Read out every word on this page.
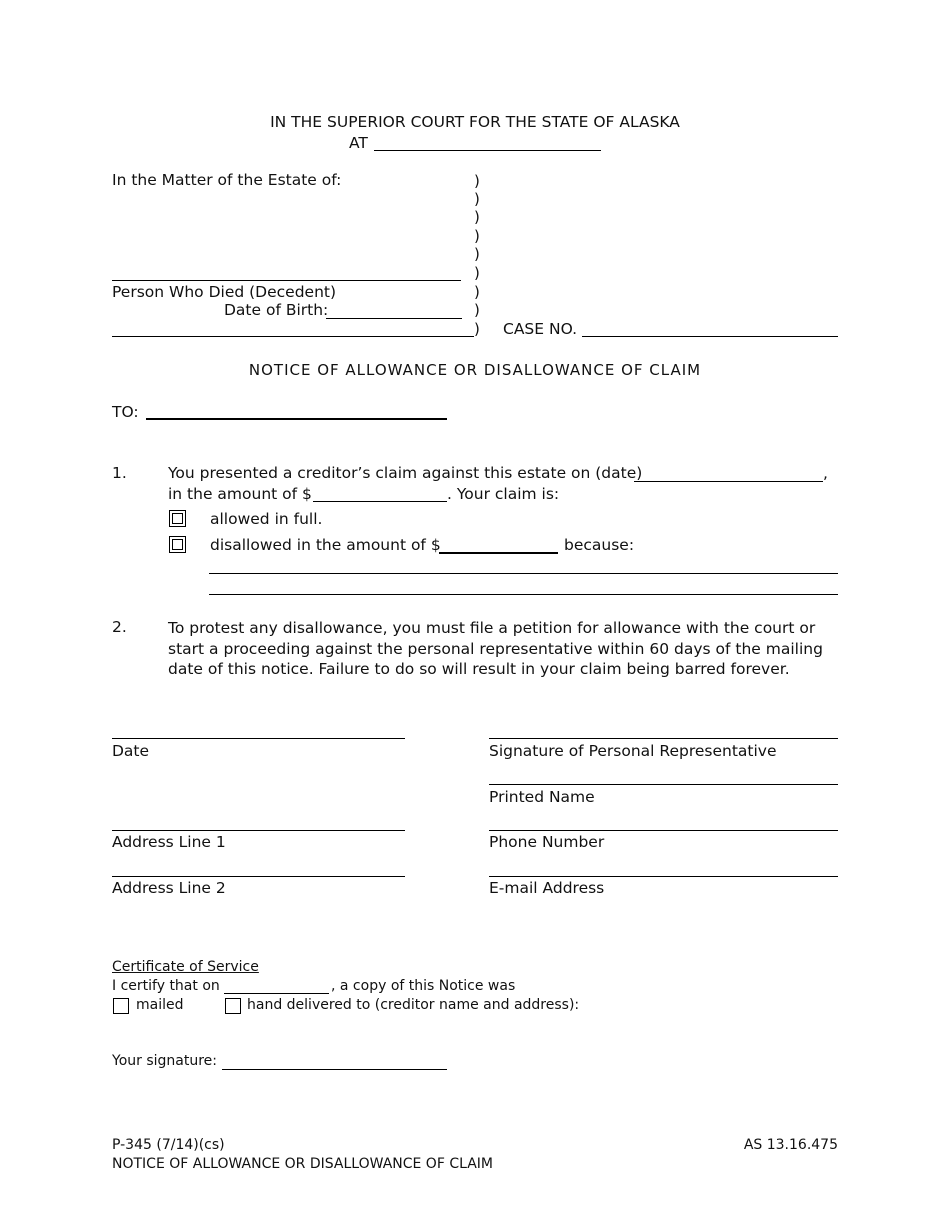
IN THE SUPERIOR COURT FOR THE STATE OF ALASKA
AT
In the Matter of the Estate of:	)
)
)
)
)
)
)
)
)
Person Who Died (Decedent)
Date of Birth:
CASE NO.
NOTICE OF ALLOWANCE OR DISALLOWANCE OF CLAIM
TO:
1.	You presented a creditor’s claim against this estate on (date)	,
in the amount of $	. Your claim is:
allowed in full.
disallowed in the amount of $	because:
2.	To protest any disallowance, you must file a petition for allowance with the court or start a proceeding against the personal representative within 60 days of the mailing date of this notice. Failure to do so will result in your claim being barred forever.
Date	Signature of Personal Representative
Printed Name
Address Line 1	Phone Number
Address Line 2	E-mail Address
Certificate of Service
I certify that on	, a copy of this Notice was
mailed	hand delivered to (creditor name and address):
Your signature:
P-345 (7/14)(cs)	AS 13.16.475
NOTICE OF ALLOWANCE OR DISALLOWANCE OF CLAIM
